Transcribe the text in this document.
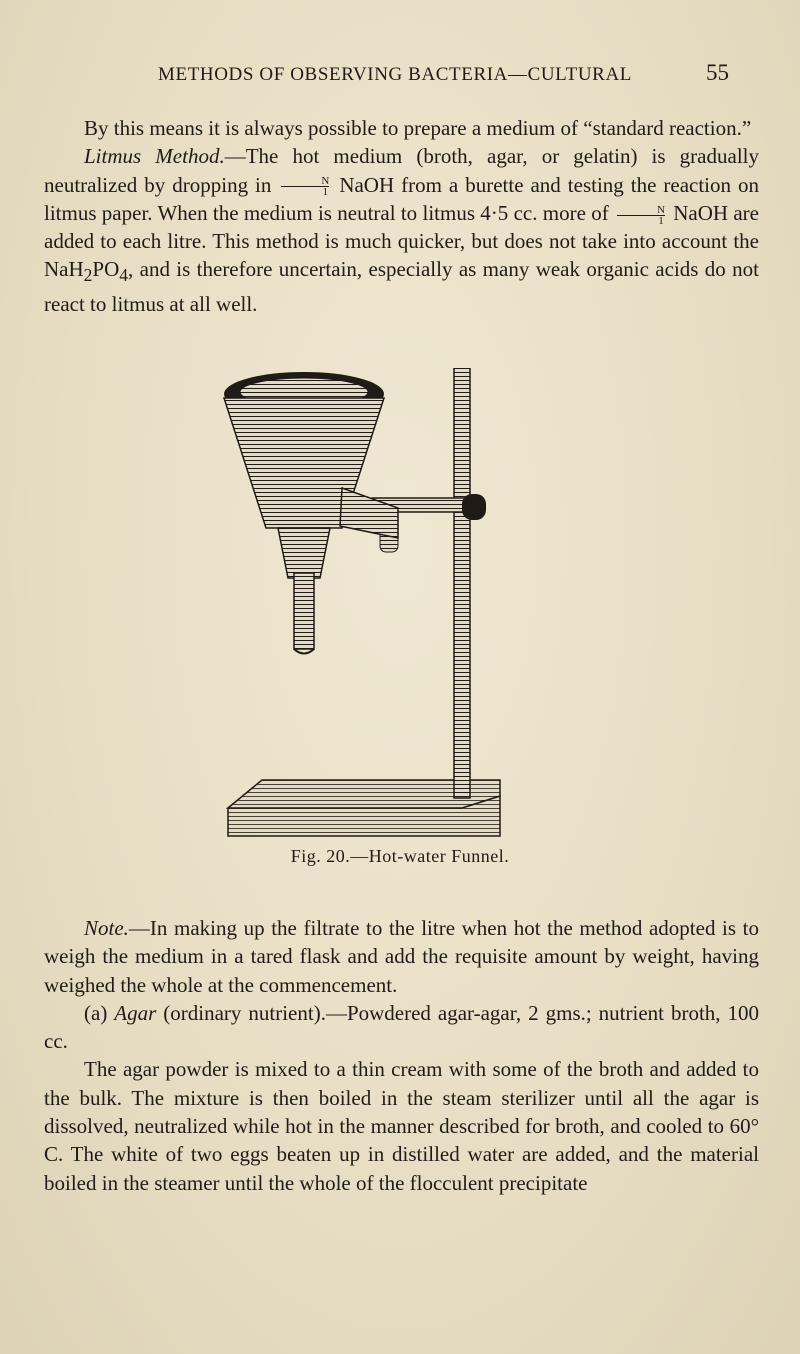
METHODS OF OBSERVING BACTERIA—CULTURAL	55

By this means it is always possible to prepare a medium of “standard reaction.”

Litmus Method.—The hot medium (broth, agar, or gelatin) is gradually neutralized by dropping in $\frac{N}{1}$ NaOH from a burette and testing the reaction on litmus paper. When the medium is neutral to litmus 4·5 cc. more of $\frac{N}{1}$ NaOH are added to each litre. This method is much quicker, but does not take into account the $NaH_2PO_4$, and is therefore uncertain, especially as many weak organic acids do not react to litmus at all well.

Fig. 20.—Hot-water Funnel.

Note.—In making up the filtrate to the litre when hot the method adopted is to weigh the medium in a tared flask and add the requisite amount by weight, having weighed the whole at the commencement.

(a) Agar (ordinary nutrient).—Powdered agar-agar, 2 gms.; nutrient broth, 100 cc.

The agar powder is mixed to a thin cream with some of the broth and added to the bulk. The mixture is then boiled in the steam sterilizer until all the agar is dissolved, neutralized while hot in the manner described for broth, and cooled to 60° C. The white of two eggs beaten up in distilled water are added, and the material boiled in the steamer until the whole of the flocculent precipitate
